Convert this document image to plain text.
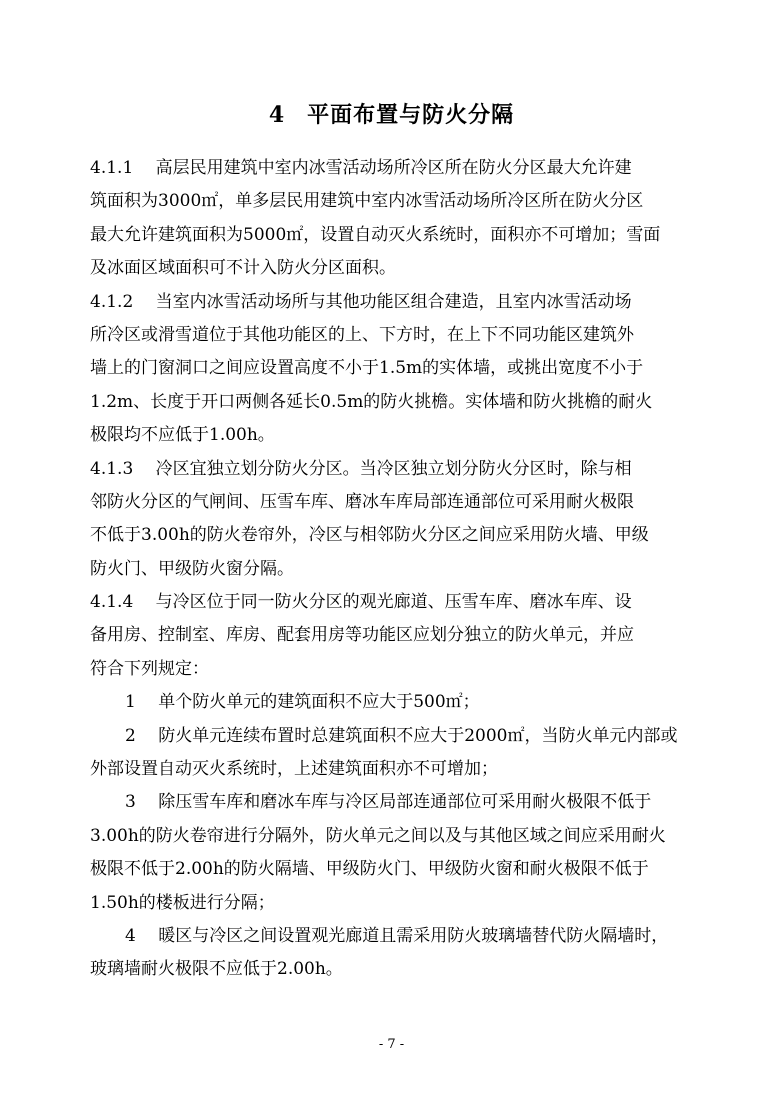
4 平面布置与防火分隔
4.1.1　 高层民用建筑中室内冰雪活动场所冷区所在防火分区最大允许建
筑面积为3000㎡，单多层民用建筑中室内冰雪活动场所冷区所在防火分区
最大允许建筑面积为5000㎡，设置自动灭火系统时，面积亦不可增加；雪面
及冰面区域面积可不计入防火分区面积。
4.1.2　 当室内冰雪活动场所与其他功能区组合建造，且室内冰雪活动场
所冷区或滑雪道位于其他功能区的上、下方时，在上下不同功能区建筑外
墙上的门窗洞口之间应设置高度不小于1.5m的实体墙，或挑出宽度不小于
1.2m、长度于开口两侧各延长0.5m的防火挑檐。实体墙和防火挑檐的耐火
极限均不应低于1.00h。
4.1.3　 冷区宜独立划分防火分区。当冷区独立划分防火分区时，除与相
邻防火分区的气闸间、压雪车库、磨冰车库局部连通部位可采用耐火极限
不低于3.00h的防火卷帘外，冷区与相邻防火分区之间应采用防火墙、甲级
防火门、甲级防火窗分隔。
4.1.4　 与冷区位于同一防火分区的观光廊道、压雪车库、磨冰车库、设
备用房、控制室、库房、配套用房等功能区应划分独立的防火单元，并应
符合下列规定：
1　 单个防火单元的建筑面积不应大于500㎡；
2　 防火单元连续布置时总建筑面积不应大于2000㎡，当防火单元内部或
外部设置自动灭火系统时，上述建筑面积亦不可增加；
3　 除压雪车库和磨冰车库与冷区局部连通部位可采用耐火极限不低于
3.00h的防火卷帘进行分隔外，防火单元之间以及与其他区域之间应采用耐火
极限不低于2.00h的防火隔墙、甲级防火门、甲级防火窗和耐火极限不低于
1.50h的楼板进行分隔；
4　 暖区与冷区之间设置观光廊道且需采用防火玻璃墙替代防火隔墙时，
玻璃墙耐火极限不应低于2.00h。
- 7 -
